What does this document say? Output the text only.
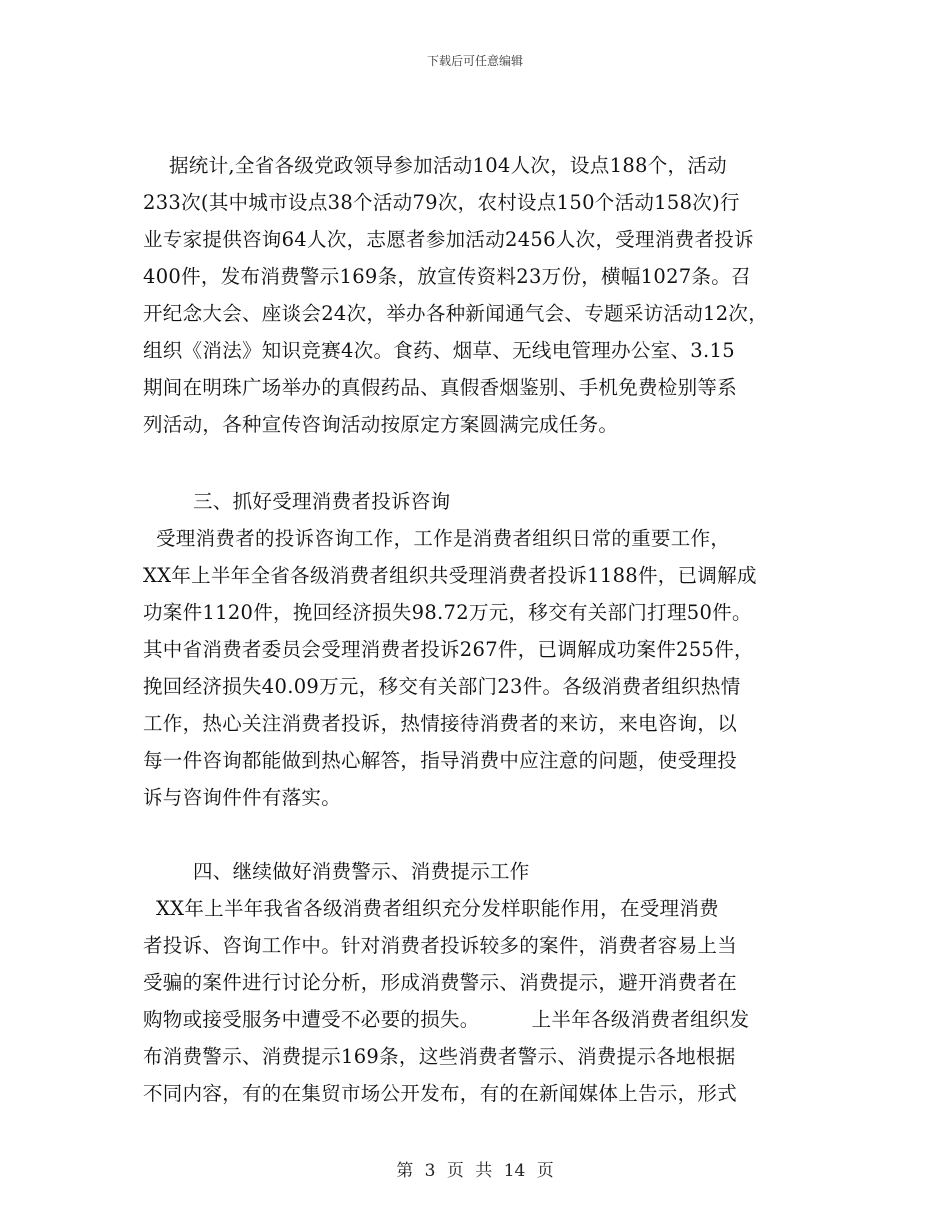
下载后可任意编辑
据统计,全省各级党政领导参加活动104人次，设点188个，活动
233次(其中城市设点38个活动79次，农村设点150个活动158次)行
业专家提供咨询64人次，志愿者参加活动2456人次，受理消费者投诉
400件，发布消费警示169条，放宣传资料23万份，横幅1027条。召
开纪念大会、座谈会24次，举办各种新闻通气会、专题采访活动12次，
组织《消法》知识竞赛4次。食药、烟草、无线电管理办公室、3.15
期间在明珠广场举办的真假药品、真假香烟鉴别、手机免费检别等系
列活动，各种宣传咨询活动按原定方案圆满完成任务。
三、抓好受理消费者投诉咨询
受理消费者的投诉咨询工作，工作是消费者组织日常的重要工作，
XX年上半年全省各级消费者组织共受理消费者投诉1188件，已调解成
功案件1120件，挽回经济损失98.72万元，移交有关部门打理50件。
其中省消费者委员会受理消费者投诉267件，已调解成功案件255件，
挽回经济损失40.09万元，移交有关部门23件。各级消费者组织热情
工作，热心关注消费者投诉，热情接待消费者的来访，来电咨询，以
每一件咨询都能做到热心解答，指导消费中应注意的问题，使受理投
诉与咨询件件有落实。
四、继续做好消费警示、消费提示工作
XX年上半年我省各级消费者组织充分发样职能作用，在受理消费
者投诉、咨询工作中。针对消费者投诉较多的案件，消费者容易上当
受骗的案件进行讨论分析，形成消费警示、消费提示，避开消费者在
购物或接受服务中遭受不必要的损失。        上半年各级消费者组织发
布消费警示、消费提示169条，这些消费者警示、消费提示各地根据
不同内容，有的在集贸市场公开发布，有的在新闻媒体上告示，形式
第 3 页 共 14 页
